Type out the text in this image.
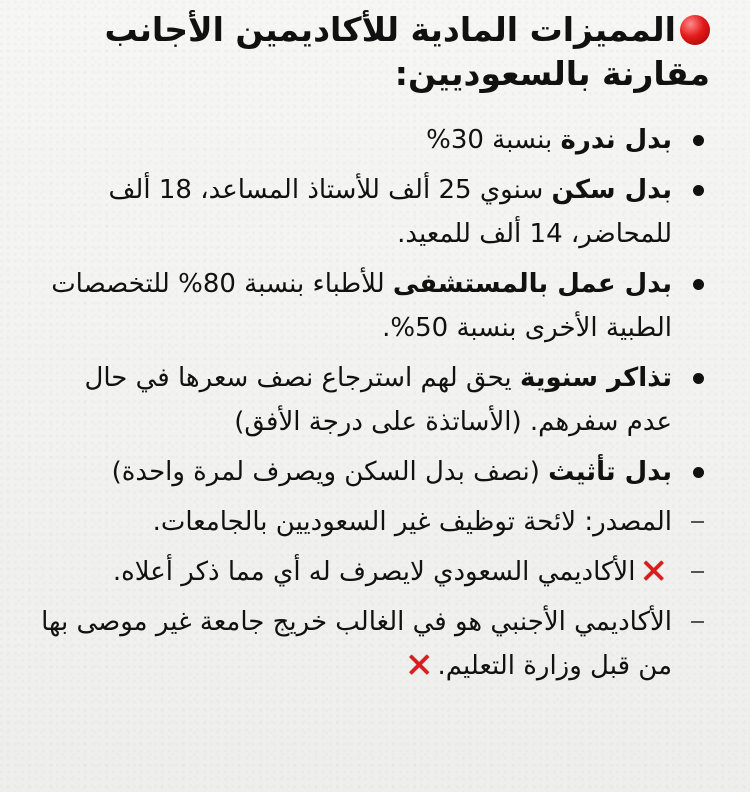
المميزات المادية للأكاديمين الأجانب مقارنة بالسعوديين:
بدل ندرة بنسبة 30%
بدل سكن سنوي 25 ألف للأستاذ المساعد، 18 ألف للمحاضر، 14 ألف للمعيد.
بدل عمل بالمستشفى للأطباء بنسبة 80% للتخصصات الطبية الأخرى بنسبة 50%.
تذاكر سنوية يحق لهم استرجاع نصف سعرها في حال عدم سفرهم. (الأساتذة على درجة الأفق)
بدل تأثيث (نصف بدل السكن ويصرف لمرة واحدة)
المصدر: لائحة توظيف غير السعوديين بالجامعات.
✕الأكاديمي السعودي لايصرف له أي مما ذكر أعلاه.
الأكاديمي الأجنبي هو في الغالب خريج جامعة غير موصى بها من قبل وزارة التعليم.✕
